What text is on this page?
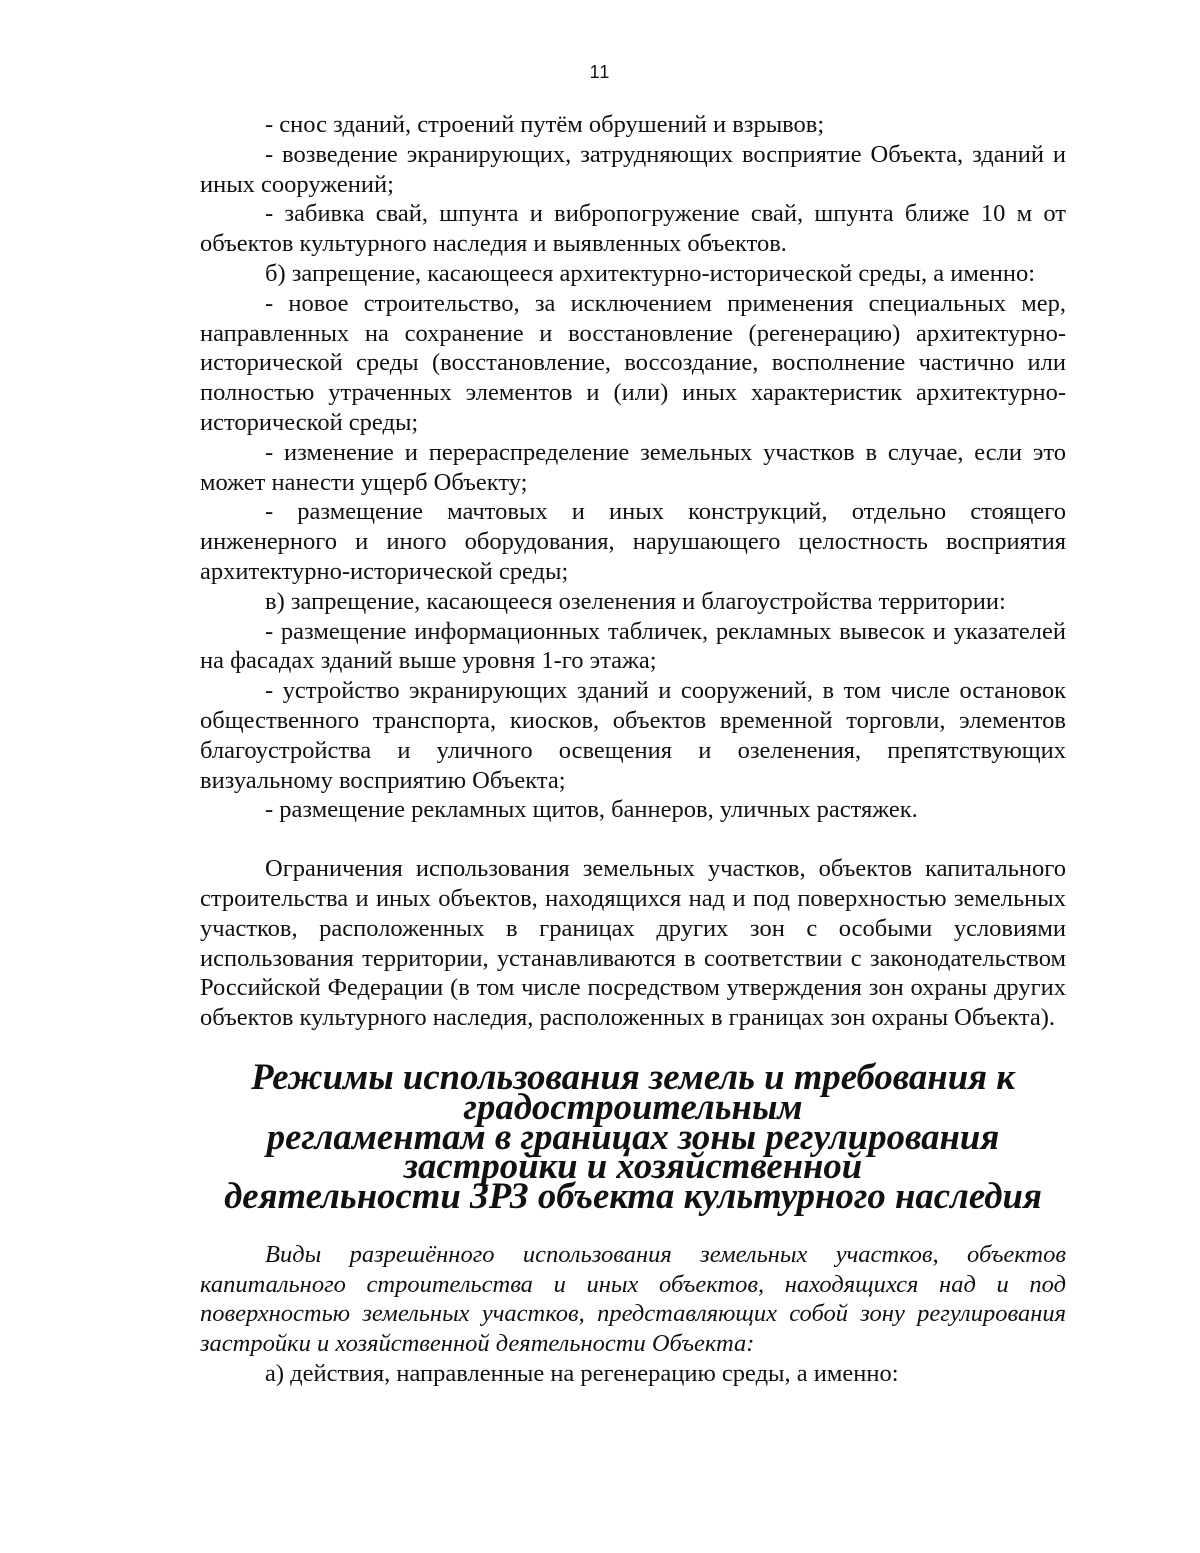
11

- снос зданий, строений путём обрушений и взрывов;

- возведение экранирующих, затрудняющих восприятие Объекта, зданий и иных сооружений;

- забивка свай, шпунта и вибропогружение свай, шпунта ближе 10 м от объектов культурного наследия и выявленных объектов.

б) запрещение, касающееся архитектурно-исторической среды, а именно:

- новое строительство, за исключением применения специальных мер, направленных на сохранение и восстановление (регенерацию) архитектурно-исторической среды (восстановление, воссоздание, восполнение частично или полностью утраченных элементов и (или) иных характеристик архитектурно-исторической среды;

- изменение и перераспределение земельных участков в случае, если это может нанести ущерб Объекту;

- размещение мачтовых и иных конструкций, отдельно стоящего инженерного и иного оборудования, нарушающего целостность восприятия архитектурно-исторической среды;

в) запрещение, касающееся озеленения и благоустройства территории:

- размещение информационных табличек, рекламных вывесок и указателей на фасадах зданий выше уровня 1-го этажа;

- устройство экранирующих зданий и сооружений, в том числе остановок общественного транспорта, киосков, объектов временной торговли, элементов благоустройства и уличного освещения и озеленения, препятствующих визуальному восприятию Объекта;

- размещение рекламных щитов, баннеров, уличных растяжек.

Ограничения использования земельных участков, объектов капитального строительства и иных объектов, находящихся над и под поверхностью земельных участков, расположенных в границах других зон с особыми условиями использования территории, устанавливаются в соответствии с законодательством Российской Федерации (в том числе посредством утверждения зон охраны других объектов культурного наследия, расположенных в границах зон охраны Объекта).

Режимы использования земель и требования к градостроительным
регламентам в границах зоны регулирования застройки и хозяйственной
деятельности ЗРЗ объекта культурного наследия

Виды разрешённого использования земельных участков, объектов капитального строительства и иных объектов, находящихся над и под поверхностью земельных участков, представляющих собой зону регулирования застройки и хозяйственной деятельности Объекта:

а) действия, направленные на регенерацию среды, а именно:
